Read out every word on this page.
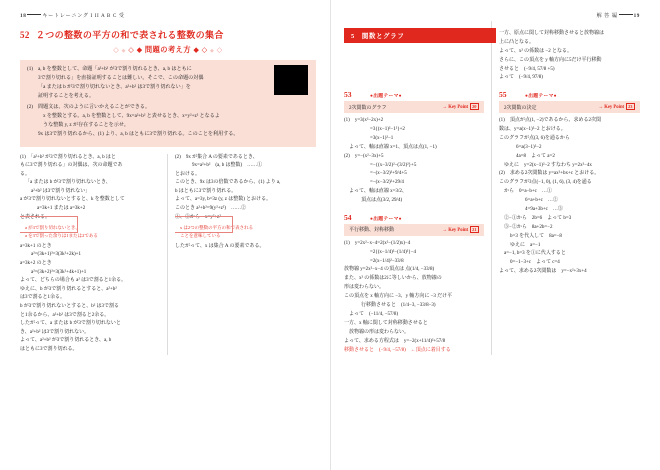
18	キートレーニング I II A B C 受
52 ２つの整数の平方の和で表される整数の集合
◇ ◆ ◇ ◆ 問題の考え方 ◆ ◇ ◆ ◇
(1) a, b を整数として、命題「a²+b² が3で割り切れるとき、a, b はともに
3で割り切れる」を直接証明することは難しい。そこで、この命題の対偶
「a または b が3で割り切れないとき、a²+b² は3で割り切れない」を
証明することを考える。
(2) 問題文は、次のように言いかえることができる。
x を整数とする。a, b を整数として、9x=a²+b² と表せるとき、x=y²+z² となるよ
うな整数 y, z が存在することを示せ。
9x は3で割り切れるから、(1) より、a, b はともに3で割り切れる。このことを利用する。
(1)　「a²+b² が3で割り切れるとき、a, b はと
もに3で割り切れる」の対偶は、次の命題であ
る。
「a または b が3で割り切れないとき、
a²+b² は3で割り切れない」
a が3で割り切れないとすると、k を整数として
a=3k+1 または a=3k+2
と表される。
a が3で割り切れないとき、
a を3で割った余りは1または2である
a=3k+1 のとき
a²=(3k+1)²=3(3k²+2k)+1
a=3k+2 のとき
a²=(3k+2)²=3(3k²+4k+1)+1
よって、どちらの場合も a² は3で割ると1余る。
ゆえに、b が3で割り切れるとすると、a²+b²
は3で割ると1余る。
b が3で割り切れないとすると、b² は3で割る
と1余るから、a²+b² は3で割ると2余る。
したがって、a または b が3で割り切れないと
き、a²+b² は3で割り切れない。
よって、a²+b² が3で割り切れるとき、a, b
はともに3で割り切れる。
(2)　9x が集合 A の要素であるとき、
9x=a²+b²　(a, b は整数)　……①
とおける。
このとき、9x は3の倍数であるから、(1) より a,
b はともに3で割り切れる。
よって、a=3y, b=3z (y, z は整数) とおける。
このとき a²+b²=9(y²+z²)　……②
①、②から　x=y²+z²
x は2つの整数の平方の和で表される
ことを意味している
したがって、x は集合 A の要素である。
解 答 編	19
5 関数とグラフ	一方、原点に関して対称移動させると放物線は
上に凸となる。
よって、x² の係数は −2 となる。
さらに、この頂点を y 軸方向に5だけ平行移動
させると　(−9/4, 57/8 +5)
よって　(−9/4, 97/8)
53	●出題テーマ●
2次関数のグラフ	→ Key Point 20
(1)　y=3(x²−2x)+2
=3{(x−1)²−1²}+2
=3(x−1)²−1
よって、軸は直線 x=1、頂点は点(1, −1)
(2)　y=−(x²−3x)+5
=−{(x−3/2)²−(3/2)²}+5
=−(x−3/2)²+9/4+5
=−(x−3/2)²+29/4
よって、軸は直線 x=3/2、
頂点は点(3/2, 29/4)
54	●出題テーマ●
平行移動、対称移動	→ Key Point 21
(1)　y=2x²−x−4=2(x²−(1/2)x)−4
=2{(x−1/4)²−(1/4)²}−4
=2(x−1/4)²−33/8
放物線 y=2x²−x−4 の頂点は 点(1/4, −33/8)
また、x² の係数は2に等しいから、放物線の
形は変わらない。
この頂点を x 軸方向に −3、y 軸方向に −3 だけ平
行移動させると　(1/4−3, −33/8−3)
よって　(−11/4, −57/8)
一方、x 軸に関して対称移動させると
放物線の形は変わらない。
よって、求める方程式は　y=−2(x+11/4)²+57/8
移動させると　(−9/4, −57/8)　←頂点に着目する
55	●出題テーマ●
2次関数の決定	→ Key Point 23
(1)　頂点が点(1, −2)であるから、求める2次関
数は、y=a(x−1)²−2 とおける。
このグラフが点(3, 6)を通るから
6=a(3−1)²−2
4a=8　よって a=2
ゆえに　y=2(x−1)²−2 すなわち y=2x²−4x
(2)　求める2次関数は y=ax²+bx+c とおける。
このグラフが3点(−1, 0), (1, 6), (3, 4)を通る
から　0=a−b+c　…①
6=a+b+c　…②
4=9a+3b+c　…③
②−①から　2b=6　よって b=3
③−②から　8a+2b=−2
b=3 を代入して　8a=−8
ゆえに　a=−1
a=−1, b=3 を①に代入すると
0=−1−3+c　よって c=4
よって、求める2次関数は　y=−x²+3x+4
